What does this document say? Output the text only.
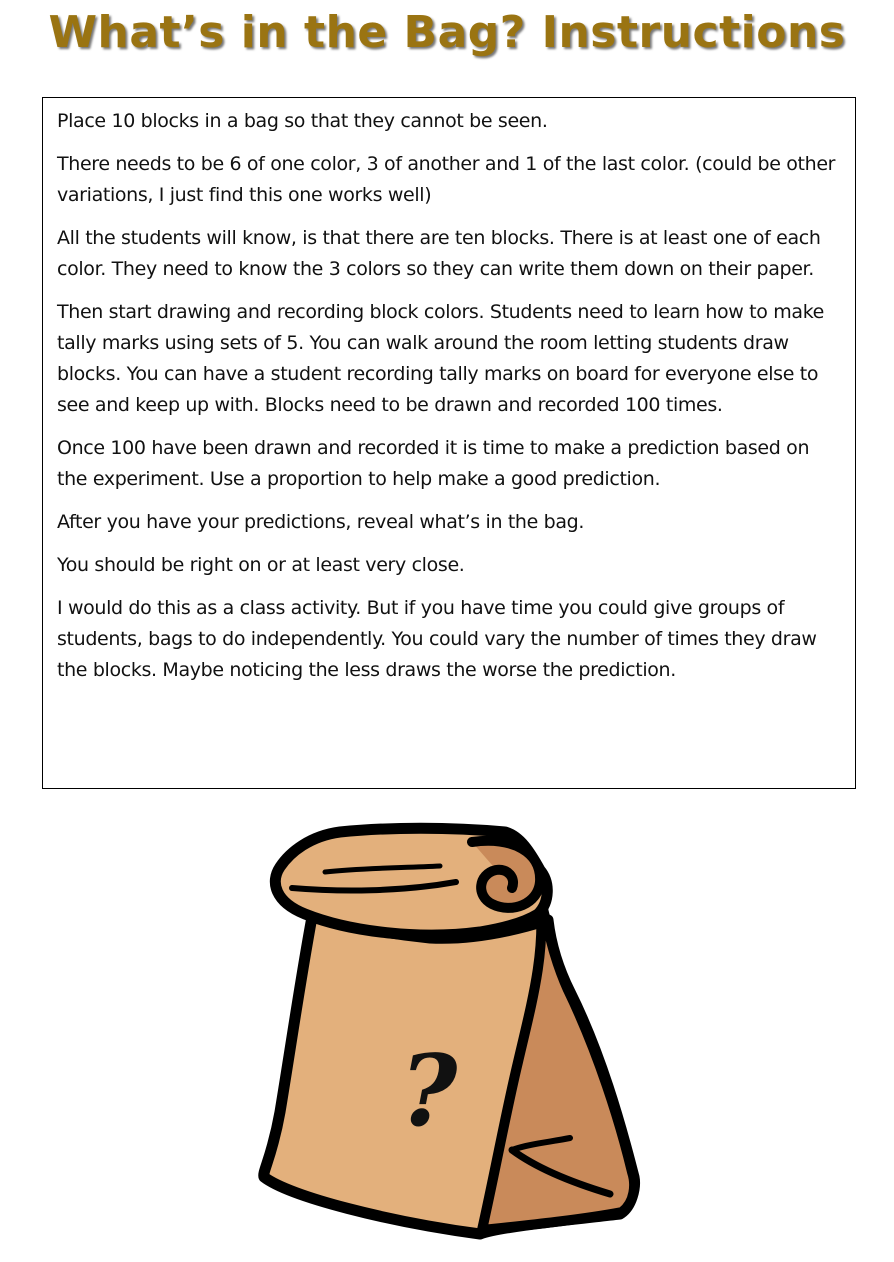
What’s in the Bag? Instructions

Place 10 blocks in a bag so that they cannot be seen.

There needs to be 6 of one color, 3 of another and 1 of the last color. (could be other variations, I just find this one works well)

All the students will know, is that there are ten blocks. There is at least one of each color. They need to know the 3 colors so they can write them down on their paper.

Then start drawing and recording block colors. Students need to learn how to make tally marks using sets of 5. You can walk around the room letting students draw blocks. You can have a student recording tally marks on board for everyone else to see and keep up with. Blocks need to be drawn and recorded 100 times.

Once 100 have been drawn and recorded it is time to make a prediction based on the experiment. Use a proportion to help make a good prediction.

After you have your predictions, reveal what’s in the bag.

You should be right on or at least very close.

I would do this as a class activity. But if you have time you could give groups of students, bags to do independently. You could vary the number of times they draw the blocks. Maybe noticing the less draws the worse the prediction.

?
